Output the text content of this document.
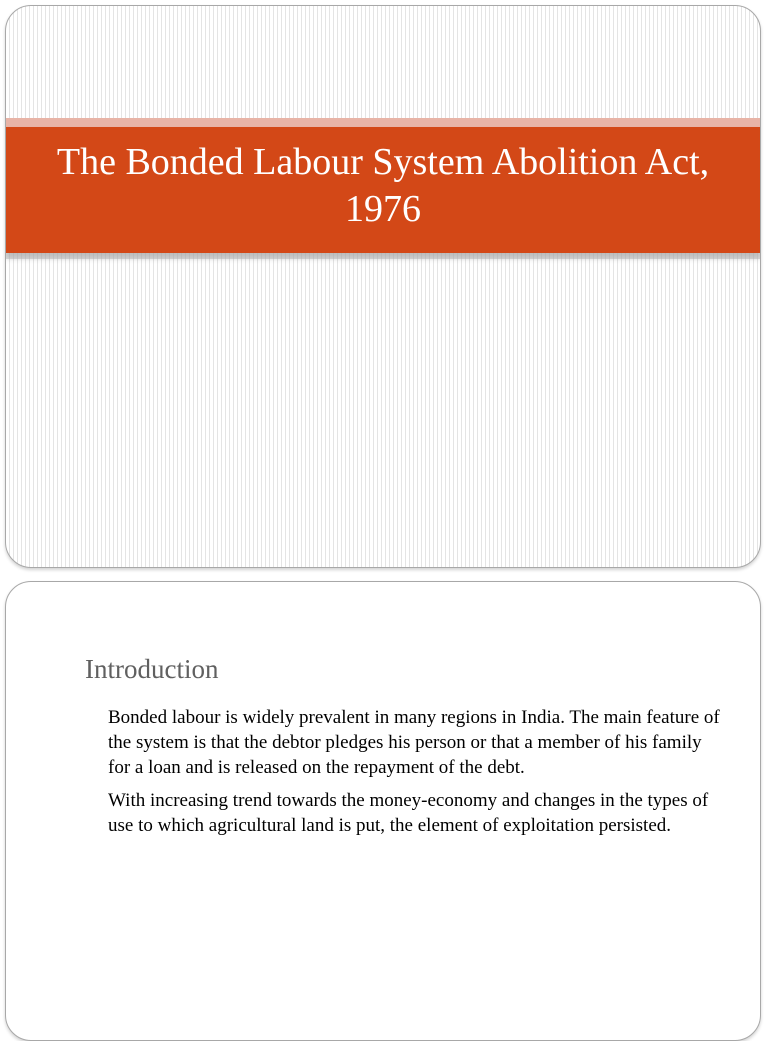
The Bonded Labour System Abolition Act, 1976
Introduction

Bonded labour is widely prevalent in many regions in India. The main feature of the system is that the debtor pledges his person or that a member of his family for a loan and is released on the repayment of the debt.

With increasing trend towards the money-economy and changes in the types of use to which agricultural land is put, the element of exploitation persisted.
